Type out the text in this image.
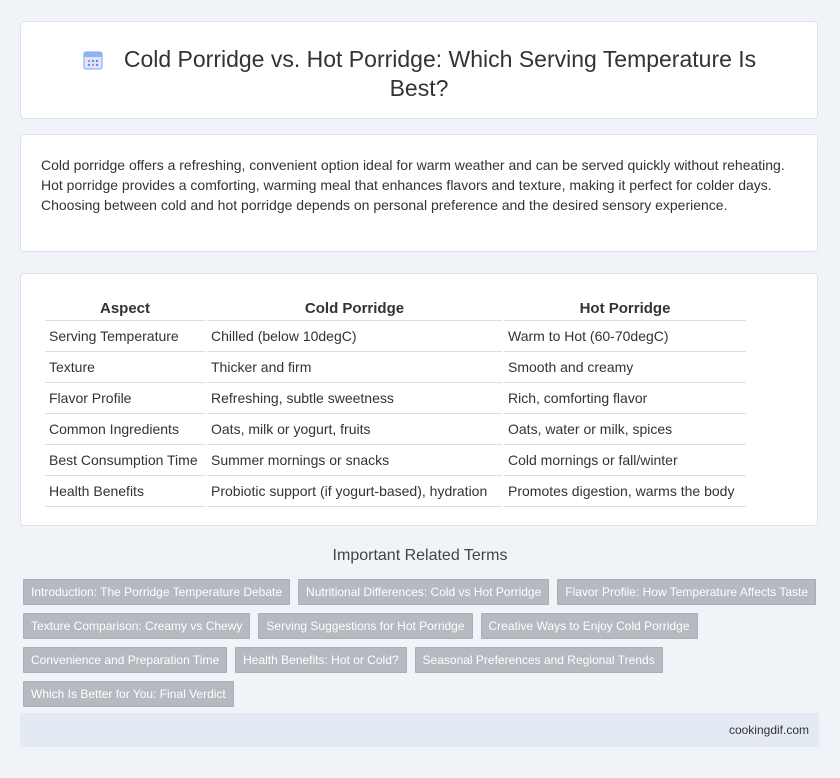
Cold Porridge vs. Hot Porridge: Which Serving Temperature Is Best?

Cold porridge offers a refreshing, convenient option ideal for warm weather and can be served quickly without reheating. Hot porridge provides a comforting, warming meal that enhances flavors and texture, making it perfect for colder days. Choosing between cold and hot porridge depends on personal preference and the desired sensory experience.

Aspect	Cold Porridge	Hot Porridge
Serving Temperature	Chilled (below 10degC)	Warm to Hot (60-70degC)
Texture	Thicker and firm	Smooth and creamy
Flavor Profile	Refreshing, subtle sweetness	Rich, comforting flavor
Common Ingredients	Oats, milk or yogurt, fruits	Oats, water or milk, spices
Best Consumption Time	Summer mornings or snacks	Cold mornings or fall/winter
Health Benefits	Probiotic support (if yogurt-based), hydration	Promotes digestion, warms the body
Important Related Terms
Introduction: The Porridge Temperature Debate	Nutritional Differences: Cold vs Hot Porridge	Flavor Profile: How Temperature Affects Taste
Texture Comparison: Creamy vs Chewy	Serving Suggestions for Hot Porridge	Creative Ways to Enjoy Cold Porridge
Convenience and Preparation Time	Health Benefits: Hot or Cold?	Seasonal Preferences and Regional Trends
Which Is Better for You: Final Verdict
cookingdif.com
